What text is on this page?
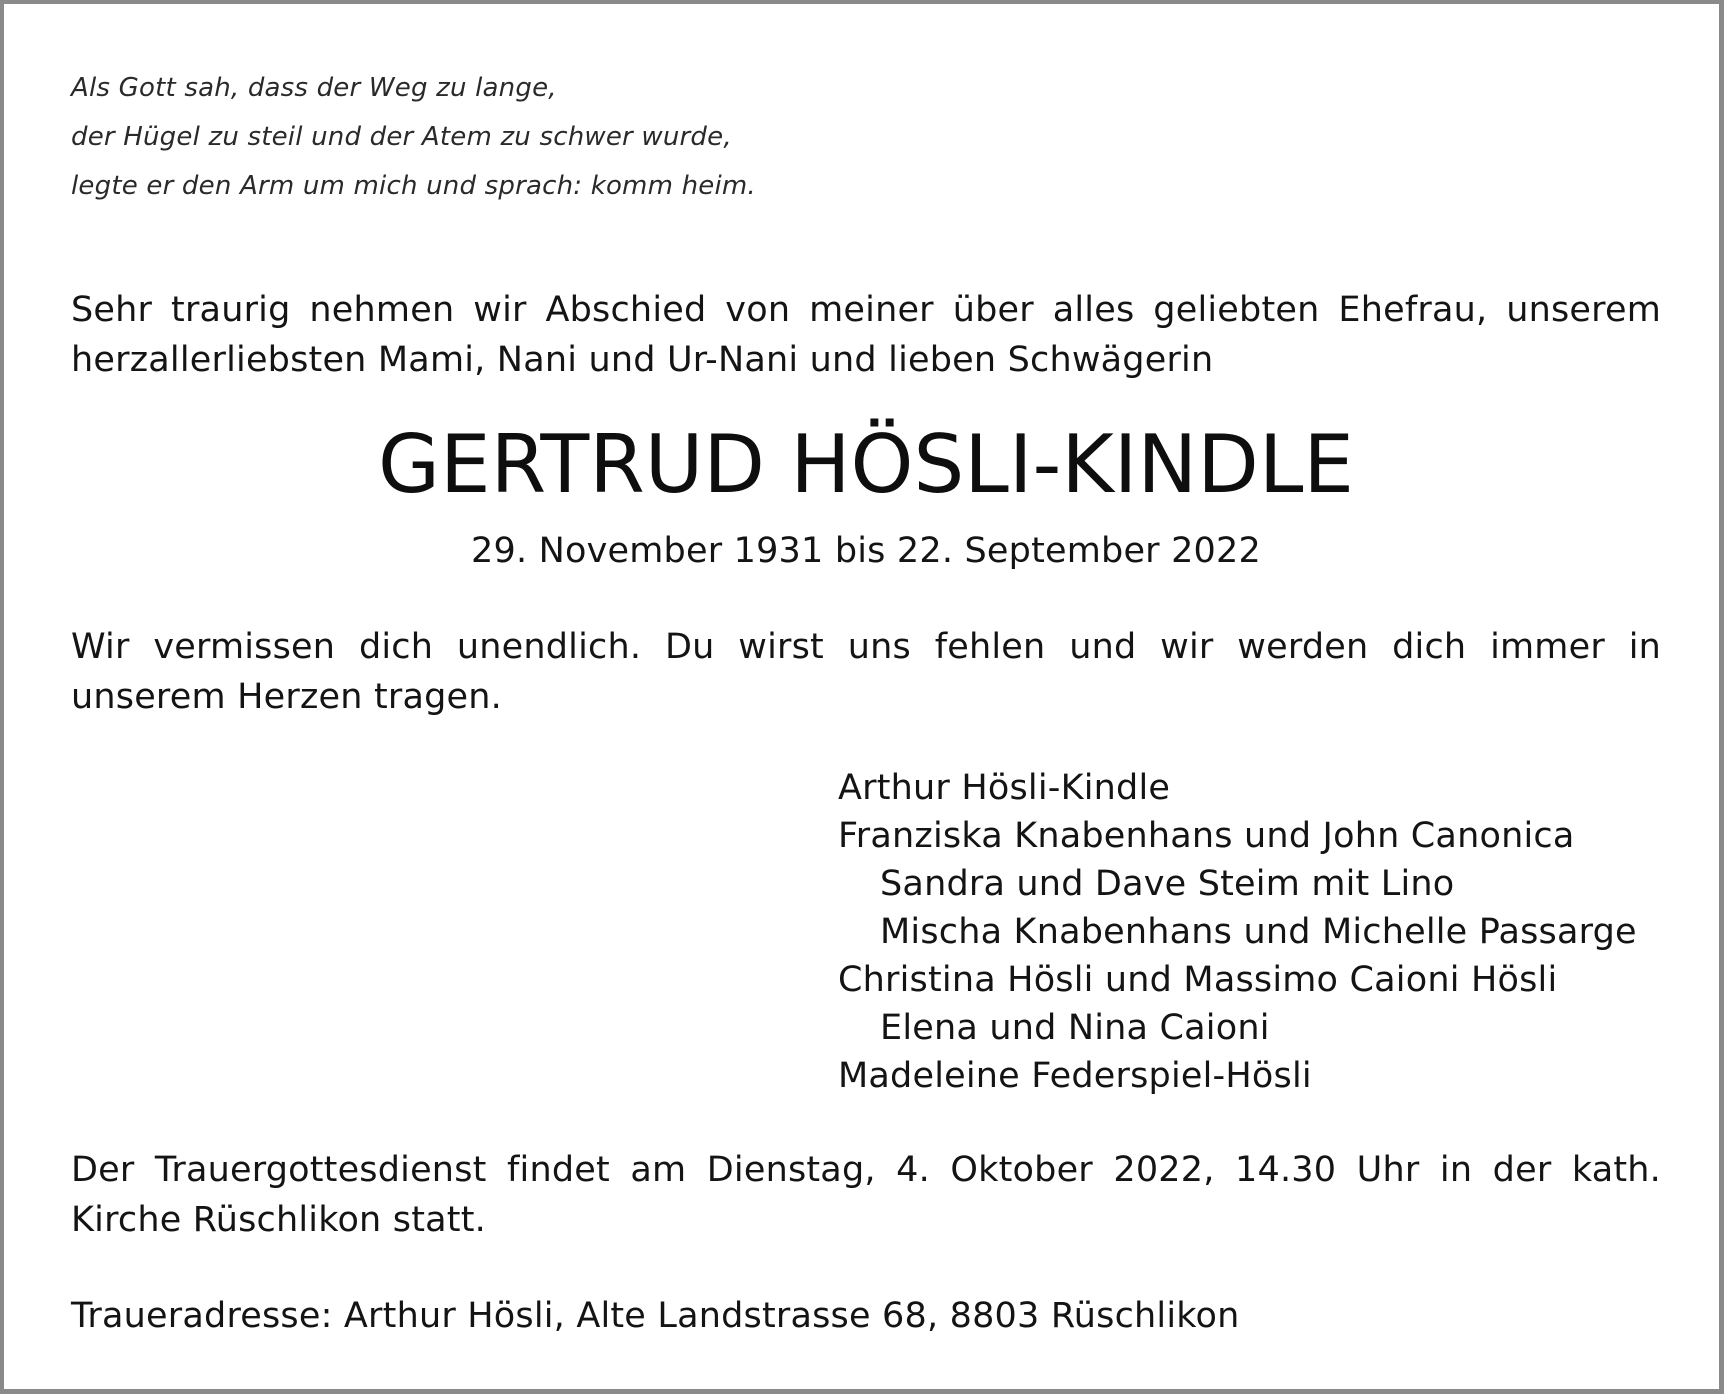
Als Gott sah, dass der Weg zu lange,
der Hügel zu steil und der Atem zu schwer wurde,
legte er den Arm um mich und sprach: komm heim.
Sehr traurig nehmen wir Abschied von meiner über alles geliebten Ehefrau, unserem herzallerliebsten Mami, Nani und Ur-Nani und lieben Schwägerin
GERTRUD HÖSLI-KINDLE
29. November 1931 bis 22. September 2022
Wir vermissen dich unendlich. Du wirst uns fehlen und wir werden dich immer in unserem Herzen tragen.
Arthur Hösli-Kindle
Franziska Knabenhans und John Canonica
Sandra und Dave Steim mit Lino
Mischa Knabenhans und Michelle Passarge
Christina Hösli und Massimo Caioni Hösli
Elena und Nina Caioni
Madeleine Federspiel-Hösli
Der Trauergottesdienst findet am Dienstag, 4. Oktober 2022, 14.30 Uhr in der kath. Kirche Rüschlikon statt.
Traueradresse: Arthur Hösli, Alte Landstrasse 68, 8803 Rüschlikon
